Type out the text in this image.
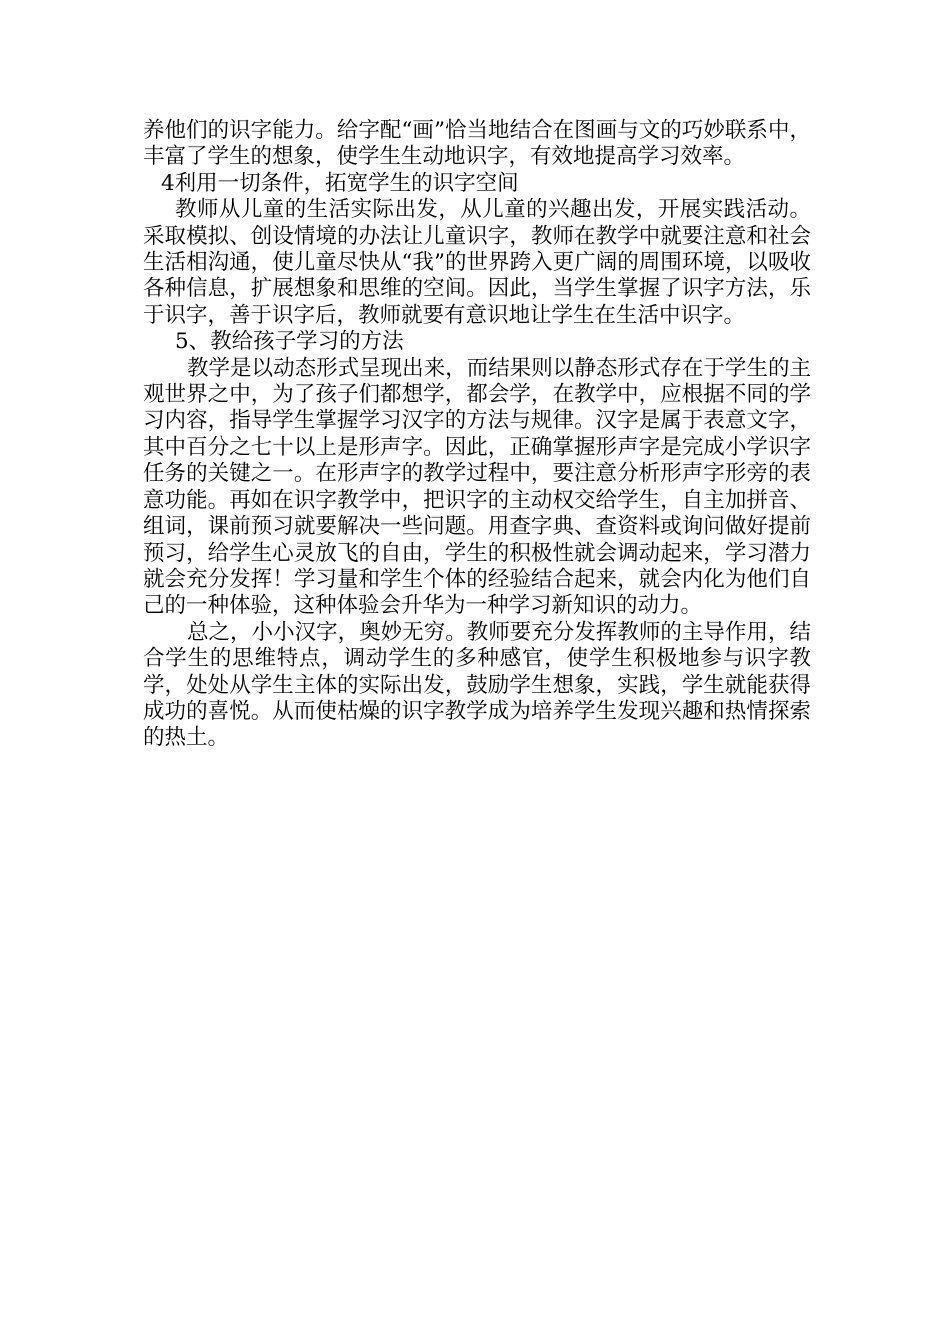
养他们的识字能力。给字配“画”恰当地结合在图画与文的巧妙联系中，丰富了学生的想象，使学生生动地识字，有效地提高学习效率。

4利用一切条件，拓宽学生的识字空间

教师从儿童的生活实际出发，从儿童的兴趣出发，开展实践活动。采取模拟、创设情境的办法让儿童识字，教师在教学中就要注意和社会生活相沟通，使儿童尽快从“我”的世界跨入更广阔的周围环境，以吸收各种信息，扩展想象和思维的空间。因此，当学生掌握了识字方法，乐于识字，善于识字后，教师就要有意识地让学生在生活中识字。

5、教给孩子学习的方法

教学是以动态形式呈现出来，而结果则以静态形式存在于学生的主观世界之中，为了孩子们都想学，都会学，在教学中，应根据不同的学习内容，指导学生掌握学习汉字的方法与规律。汉字是属于表意文字，其中百分之七十以上是形声字。因此，正确掌握形声字是完成小学识字任务的关键之一。在形声字的教学过程中，要注意分析形声字形旁的表意功能。再如在识字教学中，把识字的主动权交给学生，自主加拼音、组词，课前预习就要解决一些问题。用查字典、查资料或询问做好提前预习，给学生心灵放飞的自由，学生的积极性就会调动起来，学习潜力就会充分发挥！学习量和学生个体的经验结合起来，就会内化为他们自己的一种体验，这种体验会升华为一种学习新知识的动力。

总之，小小汉字，奥妙无穷。教师要充分发挥教师的主导作用，结合学生的思维特点，调动学生的多种感官，使学生积极地参与识字教学，处处从学生主体的实际出发，鼓励学生想象，实践，学生就能获得成功的喜悦。从而使枯燥的识字教学成为培养学生发现兴趣和热情探索的热土。
